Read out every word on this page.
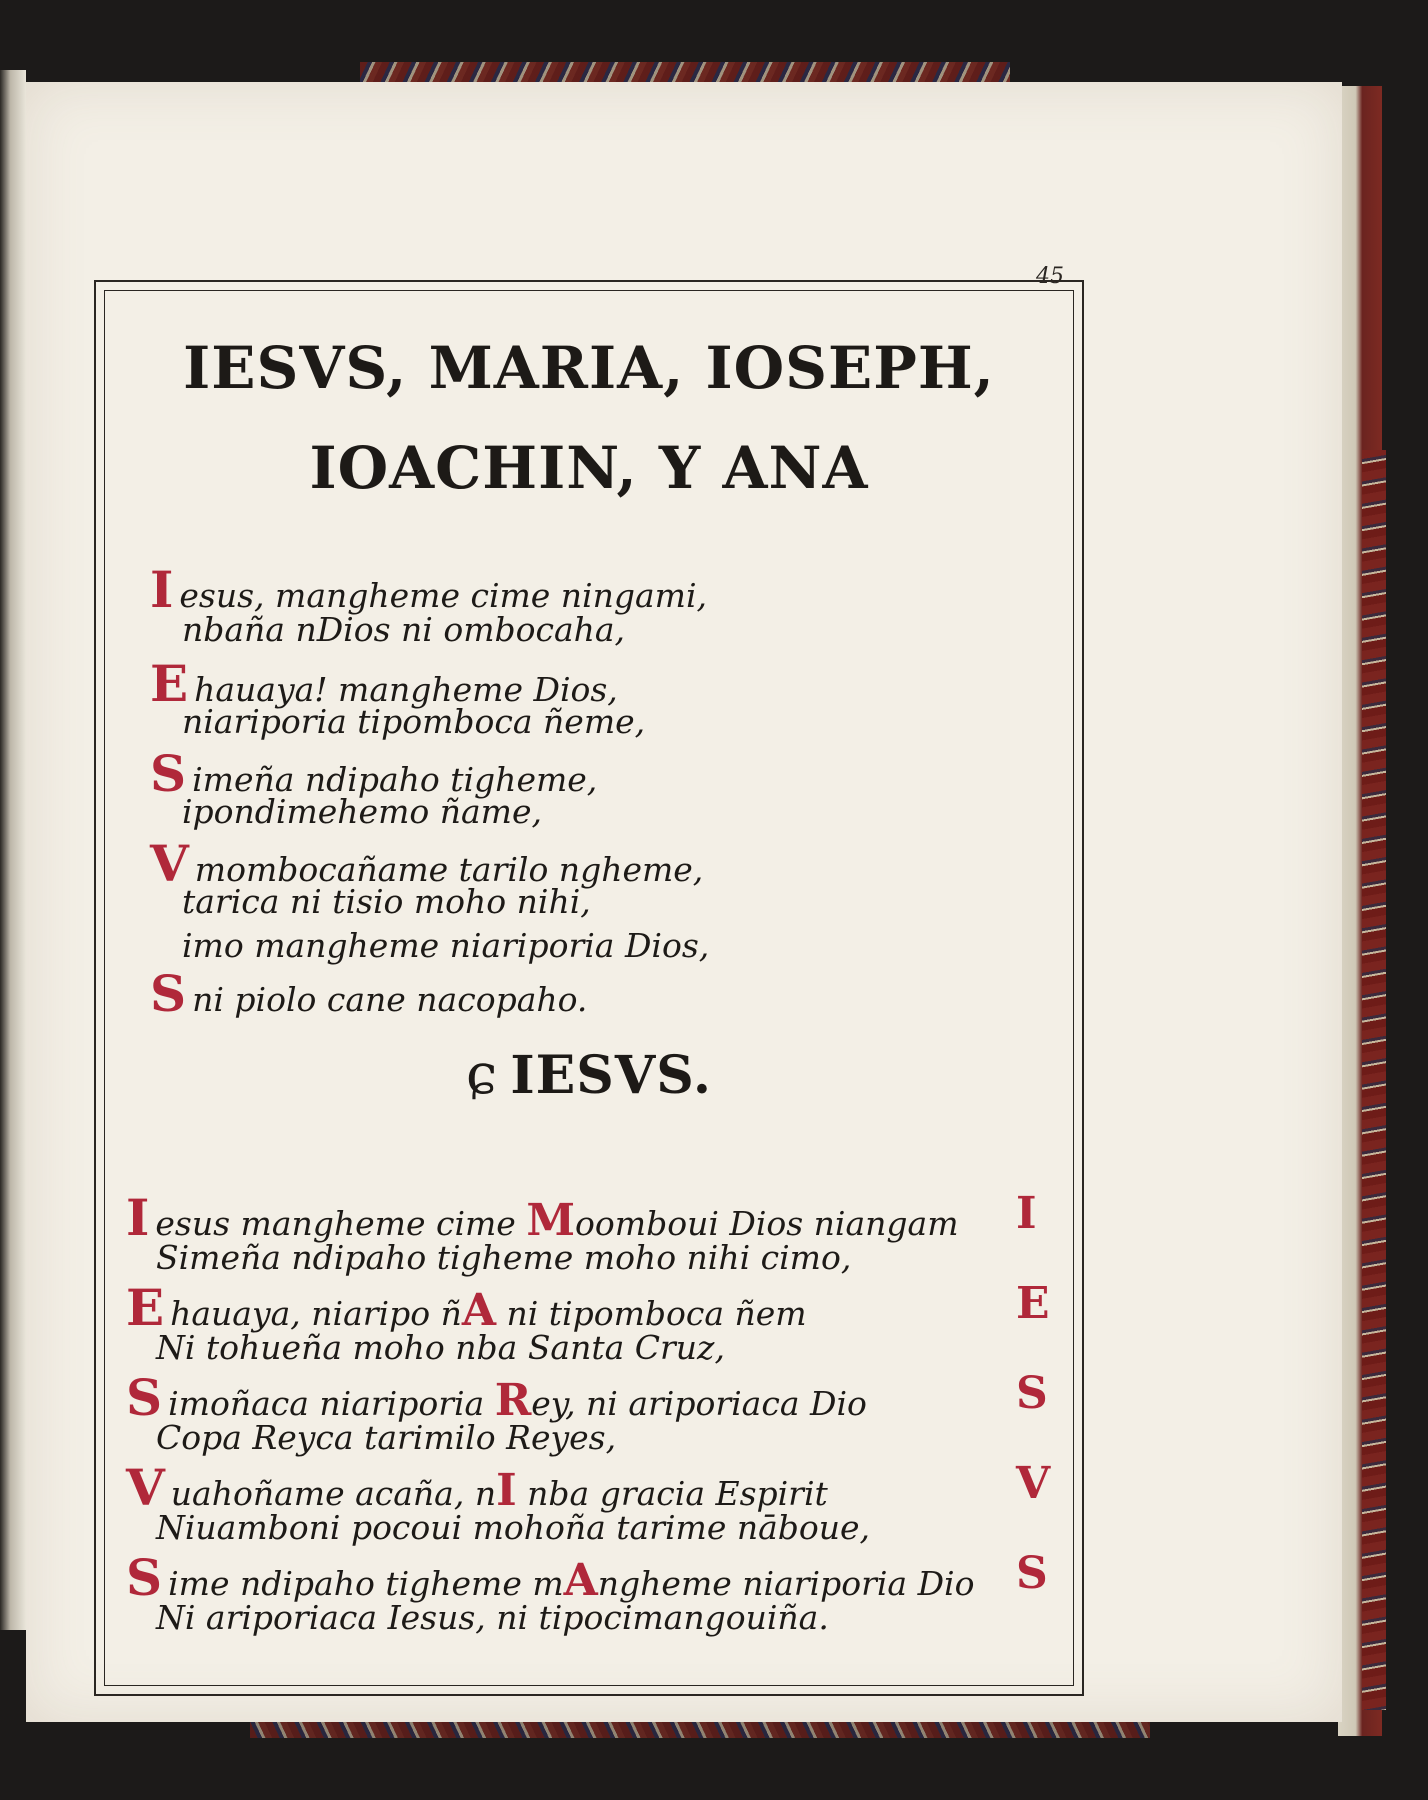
45
IESVS, MARIA, IOSEPH,
IOACHIN, Y ANA
Iesus, mangheme cime ningami,
nbaña nDios ni ombocaha,
Ehauaya! mangheme Dios,
niariporia tipomboca ñeme,
Simeña ndipaho tigheme,
ipondimehemo ñame,
Vmombocañame tarilo ngheme,
tarica ni tisio moho nihi,
imo mangheme niariporia Dios,
Sni piolo cane nacopaho.
ɕ IESVS.
Iesus mangheme cime Moomboui Dios niangam I
Simeña ndipaho tigheme moho nihi cimo,
Ehauaya, niaripo ñA ni tipomboca ñem	E
Ni tohueña moho nba Santa Cruz,
Simoñaca niariporia Rey, ni ariporiaca Dio	S
Copa Reyca tarimilo Reyes,
Vuahoñame acaña, nI nba gracia Espirit	V
Niuamboni pocoui mohoña tarime nāboue,
Sime ndipaho tigheme mAngheme niariporia Dio S
Ni ariporiaca Iesus, ni tipocimangouiña.
